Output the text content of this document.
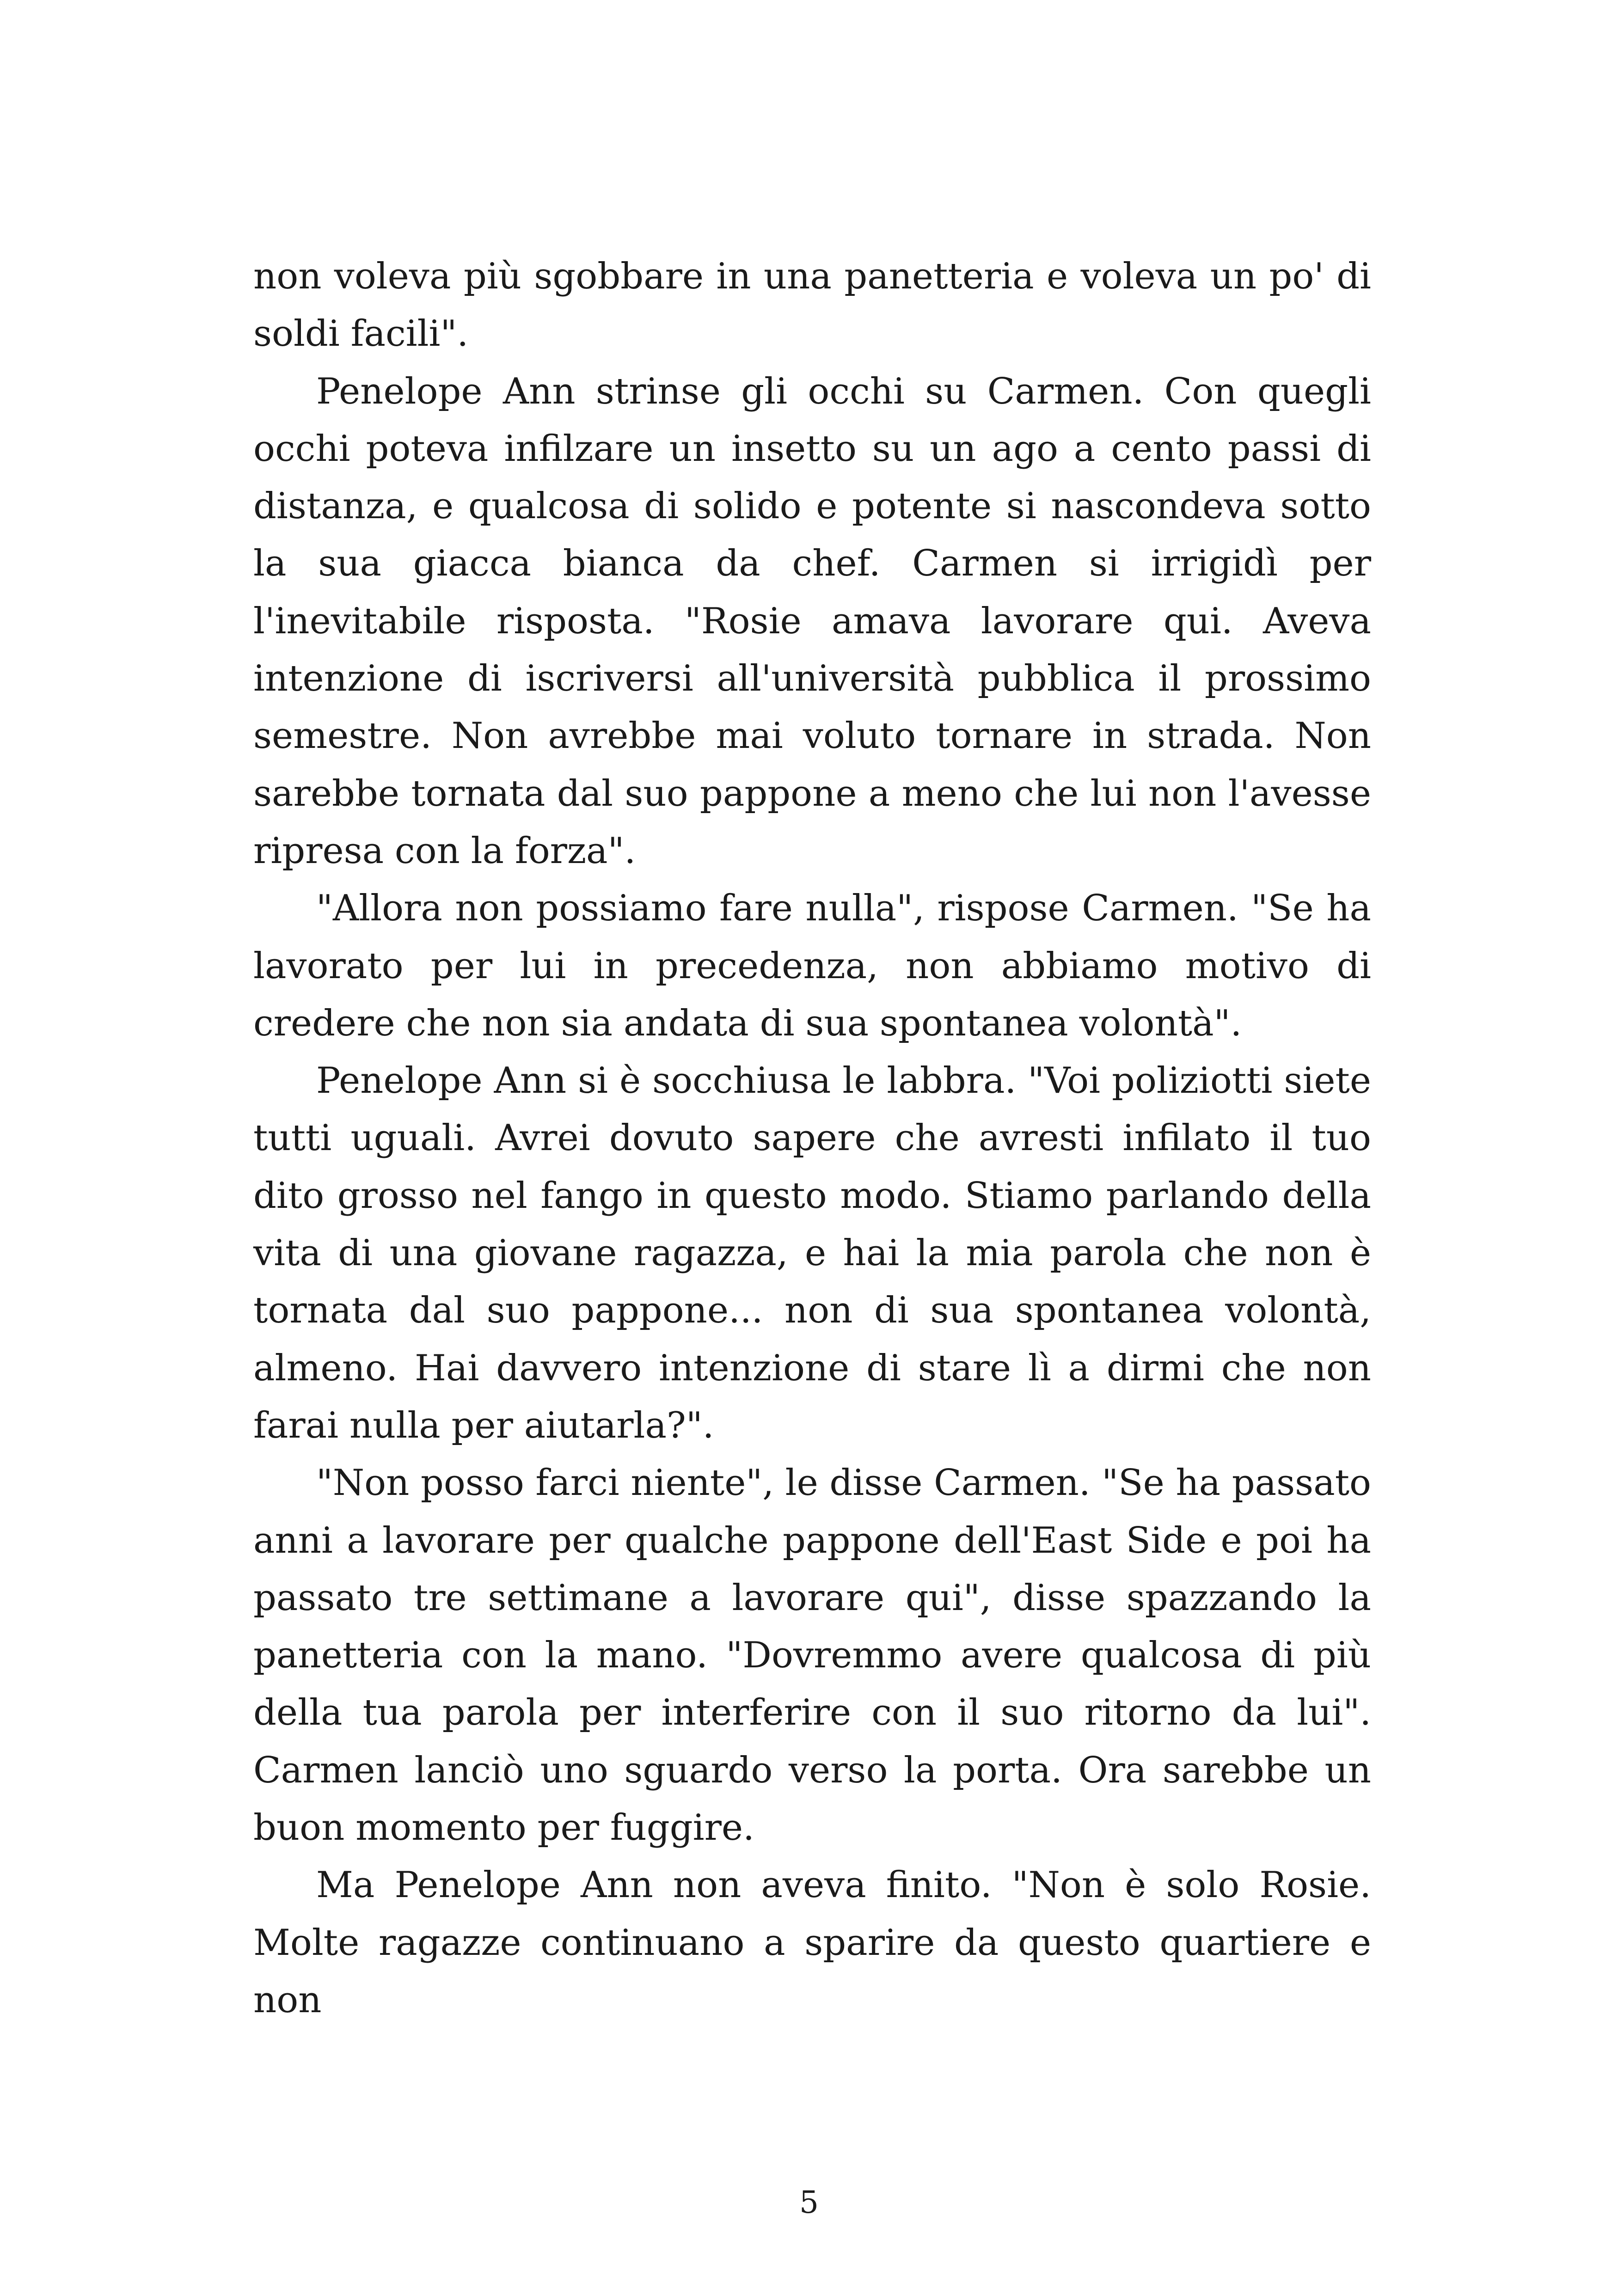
non voleva più sgobbare in una panetteria e voleva un po' di soldi facili".

Penelope Ann strinse gli occhi su Carmen. Con quegli occhi poteva infilzare un insetto su un ago a cento passi di distanza, e qualcosa di solido e potente si nascondeva sotto la sua giacca bianca da chef. Carmen si irrigidì per l'inevitabile risposta. "Rosie amava lavorare qui. Aveva intenzione di iscriversi all'università pubblica il prossimo semestre. Non avrebbe mai voluto tornare in strada. Non sarebbe tornata dal suo pappone a meno che lui non l'avesse ripresa con la forza".

"Allora non possiamo fare nulla", rispose Carmen. "Se ha lavorato per lui in precedenza, non abbiamo motivo di credere che non sia andata di sua spontanea volontà".

Penelope Ann si è socchiusa le labbra. "Voi poliziotti siete tutti uguali. Avrei dovuto sapere che avresti infilato il tuo dito grosso nel fango in questo modo. Stiamo parlando della vita di una giovane ragazza, e hai la mia parola che non è tornata dal suo pappone... non di sua spontanea volontà, almeno. Hai davvero intenzione di stare lì a dirmi che non farai nulla per aiutarla?".

"Non posso farci niente", le disse Carmen. "Se ha passato anni a lavorare per qualche pappone dell'East Side e poi ha passato tre settimane a lavorare qui", disse spazzando la panetteria con la mano. "Dovremmo avere qualcosa di più della tua parola per interferire con il suo ritorno da lui". Carmen lanciò uno sguardo verso la porta. Ora sarebbe un buon momento per fuggire.

Ma Penelope Ann non aveva finito. "Non è solo Rosie. Molte ragazze continuano a sparire da questo quartiere e non

5
